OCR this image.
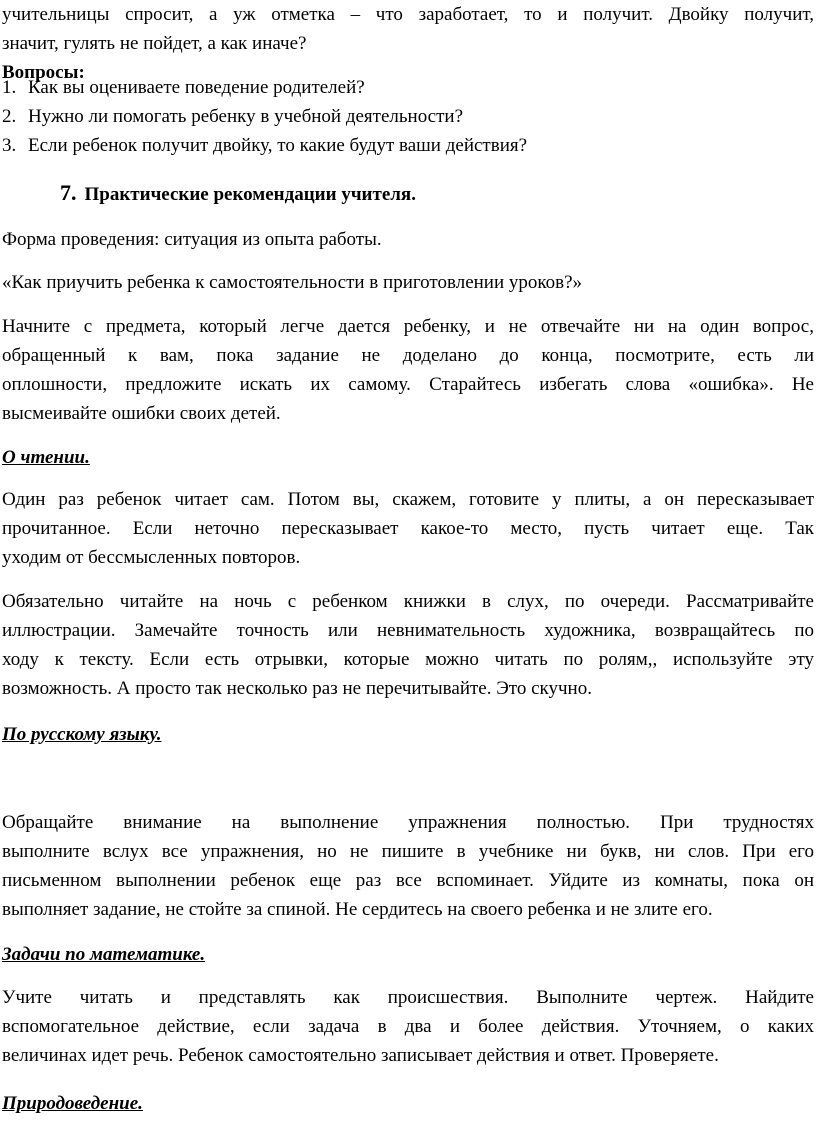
учительницы спросит, а уж отметка – что заработает, то и получит. Двойку получит,
значит, гулять не пойдет, а как иначе?
Вопросы:
1. Как вы оцениваете поведение родителей?
2. Нужно ли помогать ребенку в учебной деятельности?
3. Если ребенок получит двойку, то какие будут ваши действия?
7. Практические рекомендации учителя.
Форма проведения: ситуация из опыта работы.
«Как приучить ребенка к самостоятельности в приготовлении уроков?»
Начните с предмета, который легче дается ребенку, и не отвечайте ни на один вопрос,
обращенный к вам, пока задание не доделано до конца, посмотрите, есть ли
оплошности, предложите искать их самому. Старайтесь избегать слова «ошибка». Не
высмеивайте ошибки своих детей.
О чтении.
Один раз ребенок читает сам. Потом вы, скажем, готовите у плиты, а он пересказывает
прочитанное. Если неточно пересказывает какое-то место, пусть читает еще. Так
уходим от бессмысленных повторов.
Обязательно читайте на ночь с ребенком книжки в слух, по очереди. Рассматривайте
иллюстрации. Замечайте точность или невнимательность художника, возвращайтесь по
ходу к тексту. Если есть отрывки, которые можно читать по ролям,, используйте эту
возможность. А просто так несколько раз не перечитывайте. Это скучно.
По русскому языку.
Обращайте внимание на выполнение упражнения полностью. При трудностях
выполните вслух все упражнения, но не пишите в учебнике ни букв, ни слов. При его
письменном выполнении ребенок еще раз все вспоминает. Уйдите из комнаты, пока он
выполняет задание, не стойте за спиной. Не сердитесь на своего ребенка и не злите его.
Задачи по математике.
Учите читать и представлять как происшествия. Выполните чертеж. Найдите
вспомогательное действие, если задача в два и более действия. Уточняем, о каких
величинах идет речь. Ребенок самостоятельно записывает действия и ответ. Проверяете.
Природоведение.
